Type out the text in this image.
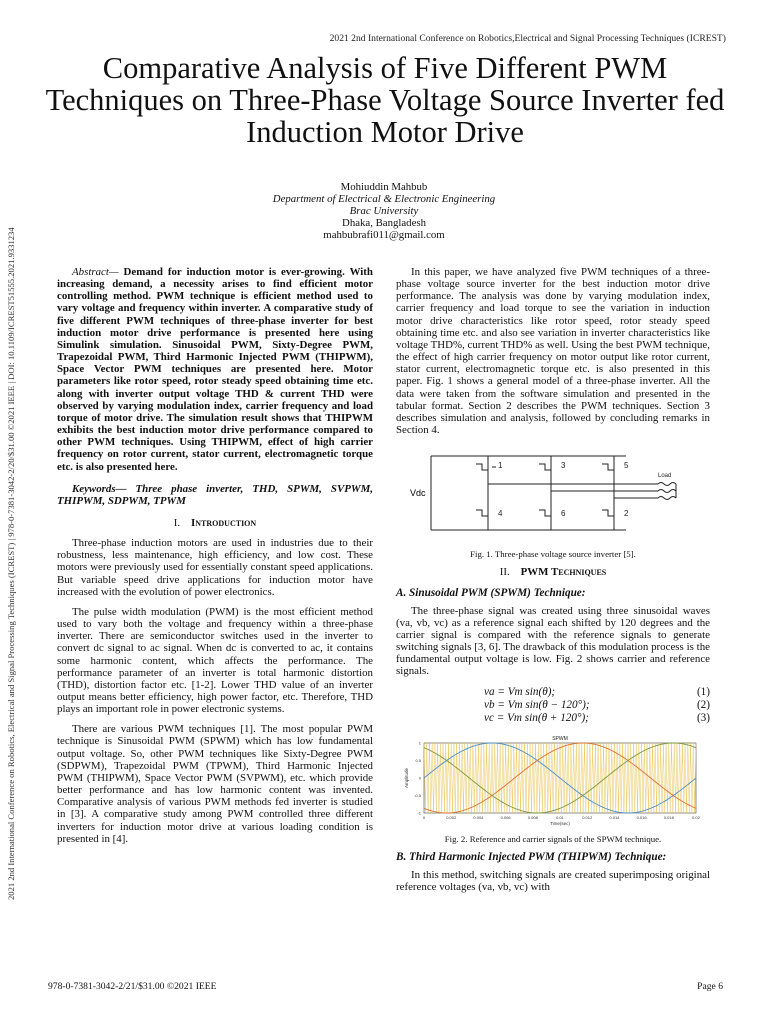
2021 2nd International Conference on Robotics,Electrical and Signal Processing Techniques (ICREST)
2021 2nd International Conference on Robotics, Electrical and Signal Processing Techniques (ICREST) | 978-0-7381-3042-2/20/$31.00 ©2021 IEEE | DOI: 10.1109/ICREST51555.2021.9331234
Comparative Analysis of Five Different PWM Techniques on Three-Phase Voltage Source Inverter fed Induction Motor Drive
Mohiuddin Mahbub
Department of Electrical & Electronic Engineering
Brac University
Dhaka, Bangladesh
mahbubrafi011@gmail.com
Abstract— Demand for induction motor is ever-growing. With increasing demand, a necessity arises to find efficient motor controlling method. PWM technique is efficient method used to vary voltage and frequency within inverter. A comparative study of five different PWM techniques of three-phase inverter for best induction motor drive performance is presented here using Simulink simulation. Sinusoidal PWM, Sixty-Degree PWM, Trapezoidal PWM, Third Harmonic Injected PWM (THIPWM), Space Vector PWM techniques are presented here. Motor parameters like rotor speed, rotor steady speed obtaining time etc. along with inverter output voltage THD & current THD were observed by varying modulation index, carrier frequency and load torque of motor drive. The simulation result shows that THIPWM exhibits the best induction motor drive performance compared to other PWM techniques. Using THIPWM, effect of high carrier frequency on rotor current, stator current, electromagnetic torque etc. is also presented here.
Keywords— Three phase inverter, THD, SPWM, SVPWM, THIPWM, SDPWM, TPWM
I. Introduction

Three-phase induction motors are used in industries due to their robustness, less maintenance, high efficiency, and low cost. These motors were previously used for essentially constant speed applications. But variable speed drive applications for induction motor have increased with the evolution of power electronics.

The pulse width modulation (PWM) is the most efficient method used to vary both the voltage and frequency within a three-phase inverter. There are semiconductor switches used in the inverter to convert dc signal to ac signal. When dc is converted to ac, it contains some harmonic content, which affects the performance. The performance parameter of an inverter is total harmonic distortion (THD), distortion factor etc. [1-2]. Lower THD value of an inverter output means better efficiency, high power factor, etc. Therefore, THD plays an important role in power electronic systems.

There are various PWM techniques [1]. The most popular PWM technique is Sinusoidal PWM (SPWM) which has low fundamental output voltage. So, other PWM techniques like Sixty-Degree PWM (SDPWM), Trapezoidal PWM (TPWM), Third Harmonic Injected PWM (THIPWM), Space Vector PWM (SVPWM), etc. which provide better performance and has low harmonic content was invented. Comparative analysis of various PWM methods fed inverter is studied in [3]. A comparative study among PWM controlled three different inverters for induction motor drive at various loading condition is presented in [4].

In this paper, we have analyzed five PWM techniques of a three-phase voltage source inverter for the best induction motor drive performance. The analysis was done by varying modulation index, carrier frequency and load torque to see the variation in induction motor drive characteristics like rotor speed, rotor steady speed obtaining time etc. and also see variation in inverter characteristics like voltage THD%, current THD% as well. Using the best PWM technique, the effect of high carrier frequency on motor output like rotor current, stator current, electromagnetic torque etc. is also presented in this paper. Fig. 1 shows a general model of a three-phase inverter. All the data were taken from the software simulation and presented in the tabular format. Section 2 describes the PWM techniques. Section 3 describes simulation and analysis, followed by concluding remarks in Section 4.

Vdc
1	3	5
4	6	2
Load
Fig. 1. Three-phase voltage source inverter [5].
II. PWM Techniques
A. Sinusoidal PWM (SPWM) Technique:

The three-phase signal was created using three sinusoidal waves (va, vb, vc) as a reference signal each shifted by 120 degrees and the carrier signal is compared with the reference signals to generate switching signals [3, 6]. The drawback of this modulation process is the fundamental output voltage is low. Fig. 2 shows carrier and reference signals.

va = Vm sin(θ);	(1)
vb = Vm sin(θ − 120°);	(2)
vc = Vm sin(θ + 120°);	(3)
SPWM
0	0.002	0.004	0.006	0.008	0.01	0.012	0.014	0.016	0.018	0.02
1
0.5
0
-0.5
-1
Time(sec)
Amplitude
Fig. 2. Reference and carrier signals of the SPWM technique.
B. Third Harmonic Injected PWM (THIPWM) Technique:

In this method, switching signals are created superimposing original reference voltages (va, vb, vc) with

978-0-7381-3042-2/21/$31.00 ©2021 IEEE	Page 6
